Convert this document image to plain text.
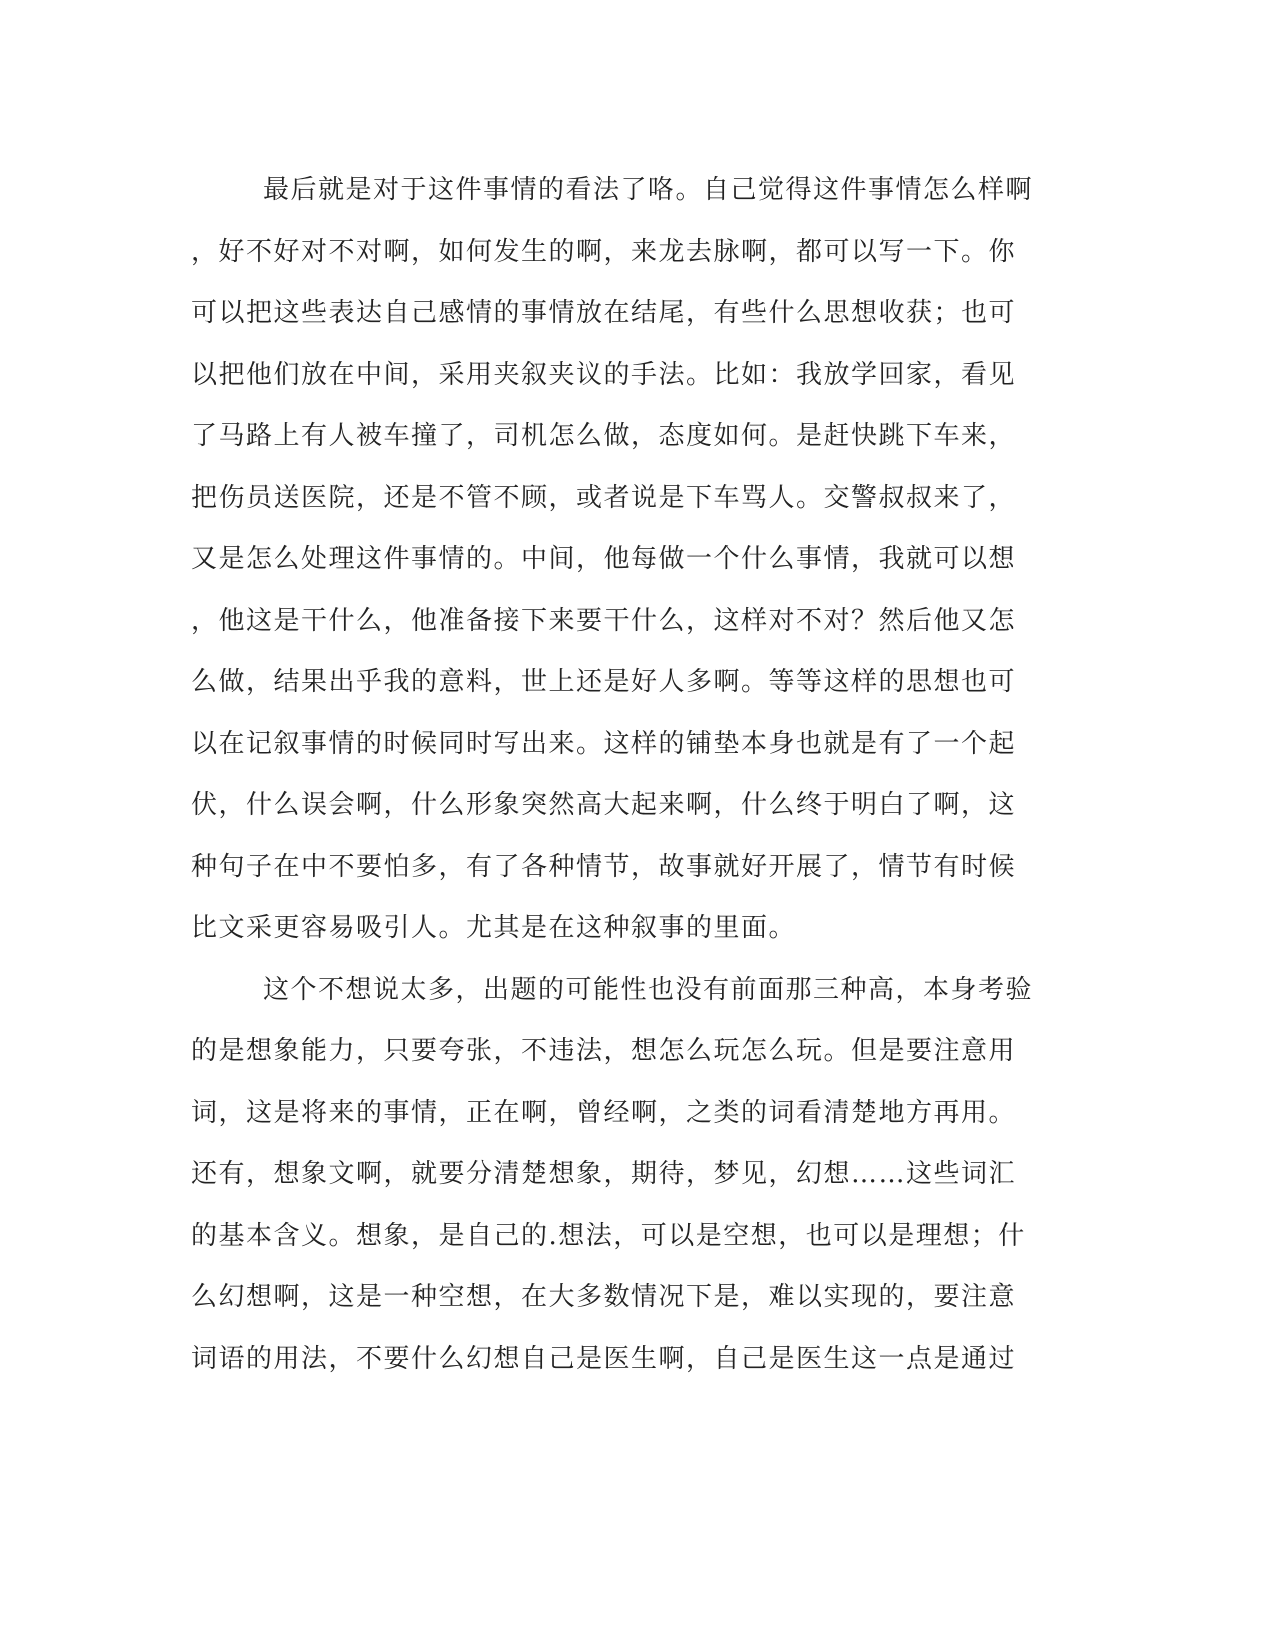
最后就是对于这件事情的看法了咯。自己觉得这件事情怎么样啊
，好不好对不对啊，如何发生的啊，来龙去脉啊，都可以写一下。你
可以把这些表达自己感情的事情放在结尾，有些什么思想收获；也可
以把他们放在中间，采用夹叙夹议的手法。比如：我放学回家，看见
了马路上有人被车撞了，司机怎么做，态度如何。是赶快跳下车来，
把伤员送医院，还是不管不顾，或者说是下车骂人。交警叔叔来了，
又是怎么处理这件事情的。中间，他每做一个什么事情，我就可以想
，他这是干什么，他准备接下来要干什么，这样对不对？然后他又怎
么做，结果出乎我的意料，世上还是好人多啊。等等这样的思想也可
以在记叙事情的时候同时写出来。这样的铺垫本身也就是有了一个起
伏，什么误会啊，什么形象突然高大起来啊，什么终于明白了啊，这
种句子在中不要怕多，有了各种情节，故事就好开展了，情节有时候
比文采更容易吸引人。尤其是在这种叙事的里面。
这个不想说太多，出题的可能性也没有前面那三种高，本身考验
的是想象能力，只要夸张，不违法，想怎么玩怎么玩。但是要注意用
词，这是将来的事情，正在啊，曾经啊，之类的词看清楚地方再用。
还有，想象文啊，就要分清楚想象，期待，梦见，幻想……这些词汇
的基本含义。想象，是自己的.想法，可以是空想，也可以是理想；什
么幻想啊，这是一种空想，在大多数情况下是，难以实现的，要注意
词语的用法，不要什么幻想自己是医生啊，自己是医生这一点是通过
